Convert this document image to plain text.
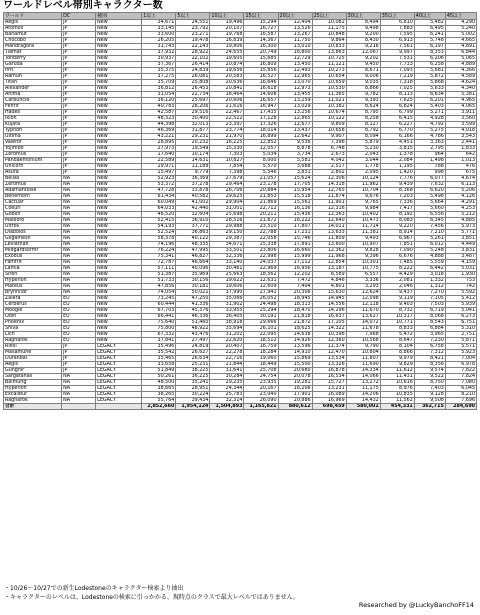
ワールドレベル帯別キャラクター数
ワールド	DC	種別	1以上	5以上	10以上	15以上	20以上	25以上	30以上	35以上	40以上	45以上
Aegis	JP	New	34,671	24,551	19,496	15,294	12,404	10,082	8,494	6,810	5,482	4,290
Atomos	JP	New	33,145	23,792	20,107	16,727	13,526	11,175	9,498	7,883	6,495	5,240
Bahamut	JP	New	33,600	23,271	19,768	16,587	13,267	10,848	9,200	7,595	6,241	5,002
Chocobo	JP	New	26,205	19,478	16,839	14,367	11,750	9,864	8,430	6,913	5,748	4,665
Mandragora	JP	New	31,743	22,143	19,806	16,300	13,010	10,833	9,216	7,561	6,197	4,891
Tiamat	JP	New	37,932	28,922	24,655	20,749	16,800	13,863	12,067	9,997	8,353	6,844
Tonberry	JP	New	30,937	22,102	19,605	15,685	12,729	10,725	9,202	7,531	6,206	5,065
Garuda	JP	New	37,367	26,414	20,874	16,809	13,450	11,121	9,450	7,733	6,258	4,889
Ifrit	JP	New	35,375	24,839	19,656	15,856	12,493	10,273	8,671	7,093	5,681	4,366
Ramuh	JP	New	37,275	26,081	20,583	16,527	12,965	10,654	9,006	7,219	5,872	4,589
Titan	JP	New	35,709	25,808	20,636	16,646	13,070	10,659	9,035	7,318	5,868	4,624
Alexander	JP	New	36,812	26,453	20,841	16,618	12,973	10,530	8,866	7,025	5,633	4,340
Anima	JP	New	31,054	22,734	18,464	14,608	13,455	11,365	9,782	8,113	6,634	5,381
Carbuncle	JP	New	36,120	25,697	20,606	16,657	13,259	11,021	9,393	7,625	6,201	4,965
Fenrir	JP	New	40,783	28,206	21,616	16,947	13,029	10,382	8,624	6,824	5,403	4,065
Hades	JP	New	42,587	29,516	22,467	17,435	13,256	10,674	8,795	6,799	5,271	3,911
Ixion	JP	New	48,323	30,400	22,522	17,128	12,865	10,122	8,258	6,415	4,928	3,560
Kujata	JP	New	44,398	32,013	23,397	17,326	12,677	9,809	8,127	6,227	4,792	3,599
Typhon	JP	New	46,369	31,877	23,774	18,014	13,437	10,658	8,792	6,770	5,275	4,018
Ultima	JP	New	43,221	29,231	21,970	16,899	12,642	9,907	8,094	6,166	4,786	3,543
Valefor	JP	New	28,895	20,232	16,225	12,852	9,536	7,396	5,879	4,451	3,363	2,441
Yojimbo	JP	New	27,973	19,549	15,330	12,057	8,878	6,748	5,230	3,815	2,795	1,833
Zeromus	JP	New	17,640	10,174	7,303	5,034	3,734	2,673	2,043	1,378	964	642
Pandaemonium	JP	New	22,589	14,631	10,827	8,000	5,581	4,042	3,044	2,084	1,498	1,013
Unicorn	JP	New	19,971	11,188	7,854	5,570	3,688	2,517	1,778	1,195	788	476
Asura	JP	New	15,497	9,779	7,398	5,546	3,831	2,802	2,095	1,420	998	675
Belias	NA	New	52,923	36,369	27,679	21,057	15,624	12,306	10,124	7,776	6,077	4,674
Zeromus	NA	New	53,372	37,278	29,464	23,178	17,705	14,318	11,962	9,439	7,632	6,113
Adamantoise	NA	New	47,728	33,878	26,706	20,884	15,954	12,765	10,704	8,368	6,620	5,206
Behemoth	NA	New	61,434	40,582	29,625	21,853	15,518	11,874	9,676	7,203	5,498	4,126
Cactuar	NA	New	60,049	41,002	29,904	21,869	15,561	11,901	9,765	7,336	5,664	4,291
Coeurl	NA	New	64,033	42,440	31,001	22,712	16,136	12,316	9,984	7,417	5,660	4,253
Goblin	NA	New	46,520	32,604	25,698	20,211	15,436	12,363	10,402	8,192	6,556	5,212
Malboro	NA	New	52,415	36,910	28,516	21,872	16,222	12,640	10,473	8,083	6,345	4,885
Ultros	NA	New	54,193	37,771	29,988	23,510	17,807	14,011	11,714	9,220	7,456	5,973
Diabolos	NA	New	52,524	36,863	29,150	22,788	17,231	13,633	11,381	8,914	7,210	5,771
Gilgamesh	NA	New	58,378	40,122	29,387	22,058	15,746	11,809	9,493	6,967	5,261	3,851
Leviathan	NA	New	74,196	48,335	34,671	25,338	17,891	13,600	10,907	7,851	6,012	4,449
Midgardsormr	NA	New	76,224	47,995	33,501	23,806	16,660	12,362	9,828	7,090	5,248	3,831
Exodus	NA	New	75,341	46,827	32,336	22,998	15,999	11,968	9,396	6,676	4,888	3,487
Famfrit	NA	New	72,787	46,664	33,140	24,037	17,112	12,854	10,301	7,485	5,559	4,159
Lamia	NA	New	57,111	40,096	30,461	22,969	16,956	13,187	10,775	8,222	6,442	5,031
Siren	NA	New	51,387	35,969	25,663	18,562	12,202	8,589	6,557	4,429	3,018	1,930
Hyperion	NA	New	51,733	30,156	19,622	12,631	7,472	4,846	3,336	2,081	1,332	753
Mateus	NA	New	47,856	30,181	19,606	12,609	7,404	4,801	3,293	2,046	1,312	742
Brynhildr	NA	New	74,054	50,021	37,990	27,941	20,306	15,630	12,624	9,437	7,270	5,592
Zalera	EU	New	73,245	47,250	35,066	26,052	18,945	14,945	12,098	9,119	7,105	5,412
Cerberus	EU	New	60,444	41,336	31,902	24,498	18,313	14,556	12,118	9,403	7,503	5,939
Moogle	EU	New	67,703	45,376	33,955	25,294	18,470	14,296	11,670	8,732	6,719	5,041
Odin	EU	New	66,441	46,336	36,405	30,191	21,818	16,637	13,627	10,317	8,068	6,273
Phoenix	EU	New	75,640	51,460	38,918	29,666	21,872	17,105	14,072	10,771	8,543	6,751
Shiva	EU	New	75,800	48,922	35,694	26,101	18,625	14,322	11,678	8,833	6,884	5,310
Lich	EU	New	67,332	43,476	31,202	22,095	14,638	10,396	7,968	5,472	3,965	2,751
Ragnarok	EU	New	37,841	27,497	22,620	18,512	14,926	12,360	10,568	8,647	7,230	5,871
Ridill	JP	LEGACY	35,496	24,819	20,407	16,759	13,596	11,374	9,790	8,104	6,758	5,571
Masamune	JP	LEGACY	35,542	26,627	22,278	18,284	14,910	12,470	10,804	8,866	7,312	5,923
Durandal	JP	LEGACY	35,465	26,634	22,716	19,060	15,869	13,534	11,807	9,979	8,421	7,004
Aegis	JP	LEGACY	33,658	25,231	21,844	18,449	15,500	13,326	11,690	9,829	8,356	6,978
Gungnir	JP	LEGACY	51,849	38,225	31,641	25,708	20,680	16,878	14,334	11,612	9,574	7,822
Sargatanas	NA	LEGACY	50,261	36,225	30,284	24,754	20,078	16,534	14,066	11,431	9,522	7,824
Balmung	NA	LEGACY	48,500	35,241	29,235	23,935	19,281	15,727	13,272	10,616	8,750	7,080
Hyperion	NA	LEGACY	38,665	28,951	24,344	20,167	16,206	13,231	11,175	8,976	7,403	6,045
Excalibur	NA	LEGACY	38,265	30,224	25,783	23,040	17,901	16,089	14,206	10,835	9,128	8,210
Ragnarok	NA	LEGACY	55,764	39,434	32,314	26,090	20,886	16,969	14,432	11,562	9,508	7,696
合計			2,852,660	1,954,124	1,504,893	1,165,821	880,612	698,459	580,001	454,331	362,715	284,690
・10/26～10/27での新生Lodestoneのキャラクター検索より抽出
・キャラクターのレベルは、Lodestoneの検索に引っかかる、現時点のクラスで最大レベルではありません。
Researched by @LuckyBanchoFF14
